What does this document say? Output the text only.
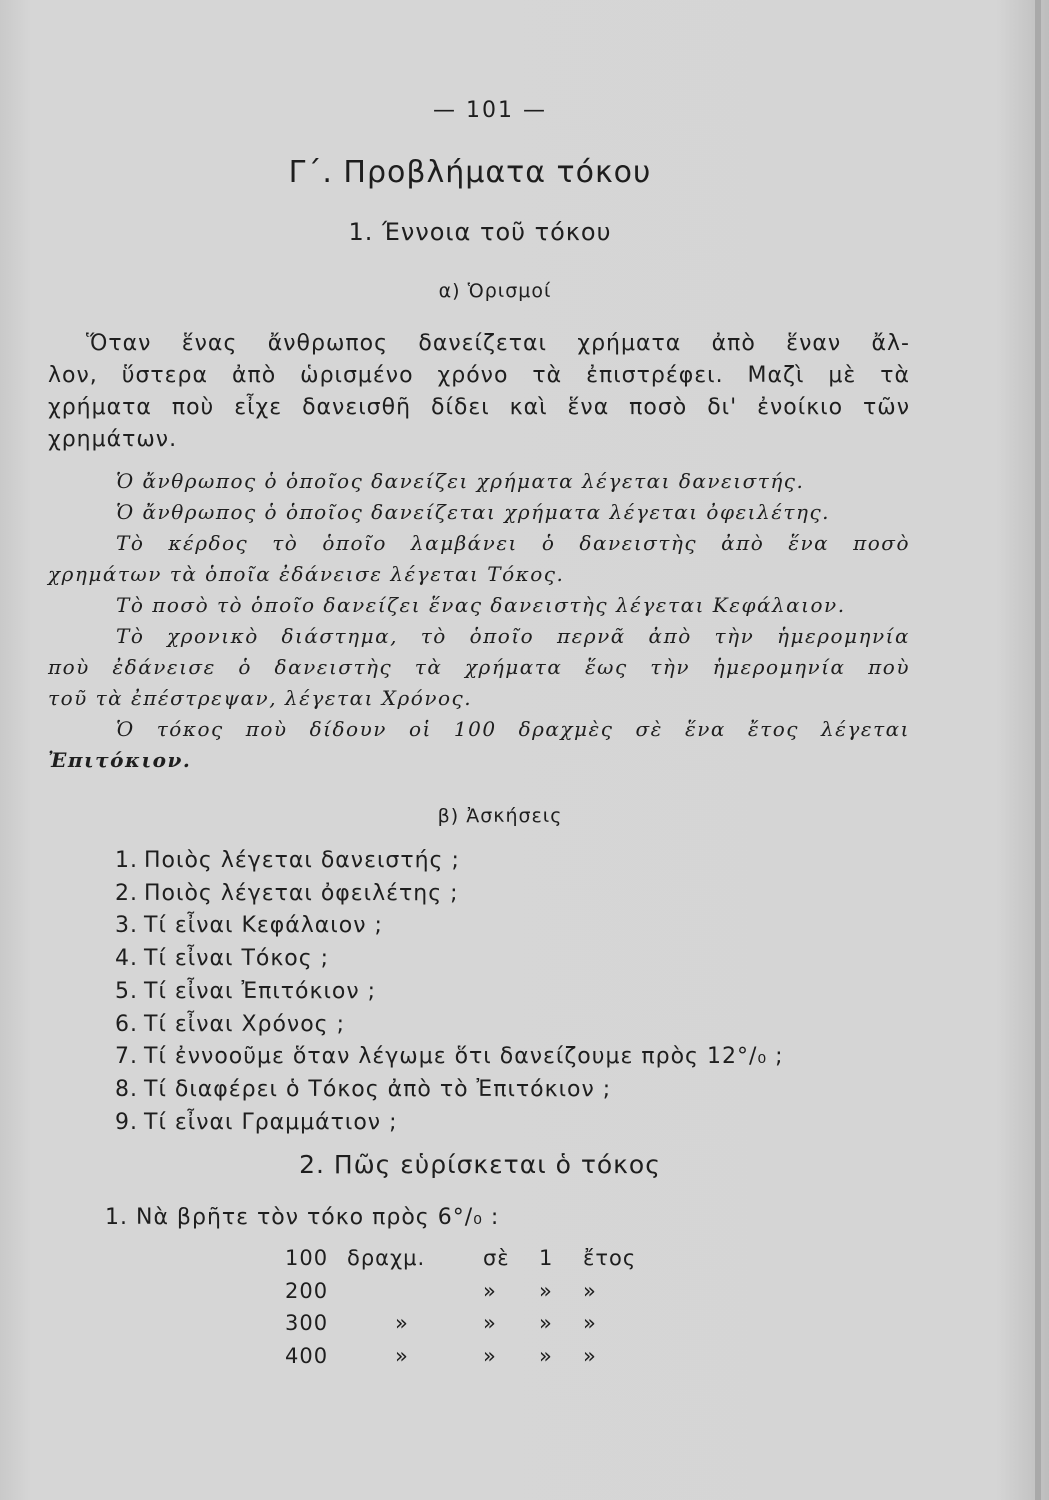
— 101 —
Γ΄. Προβλήματα τόκου
1. Έννοια τοῦ τόκου
α) Ὁρισμοί
Ὅταν ἕνας ἄνθρωπος δανείζεται χρήματα ἀπὸ ἕναν ἄλ-
λον, ὕστερα ἀπὸ ὡρισμένο χρόνο τὰ ἐπιστρέφει. Μαζὶ μὲ τὰ
χρήματα ποὺ εἶχε δανεισθῆ δίδει καὶ ἕνα ποσὸ δι' ἐνοίκιο τῶν
χρημάτων.
Ὁ ἄνθρωπος ὁ ὁποῖος δανείζει χρήματα λέγεται δανειστής.
Ὁ ἄνθρωπος ὁ ὁποῖος δανείζεται χρήματα λέγεται ὀφειλέτης.
Τὸ κέρδος τὸ ὁποῖο λαμβάνει ὁ δανειστὴς ἀπὸ ἕνα ποσὸ
χρημάτων τὰ ὁποῖα ἐδάνεισε λέγεται Τόκος.
Τὸ ποσὸ τὸ ὁποῖο δανείζει ἕνας δανειστὴς λέγεται Κεφάλαιον.
Τὸ χρονικὸ διάστημα, τὸ ὁποῖο περνᾶ ἀπὸ τὴν ἡμερομηνία
ποὺ ἐδάνεισε ὁ δανειστὴς τὰ χρήματα ἕως τὴν ἡμερομηνία ποὺ
τοῦ τὰ ἐπέστρεψαν, λέγεται Χρόνος.
Ὁ τόκος ποὺ δίδουν οἱ 100 δραχμὲς σὲ ἕνα ἔτος λέγεται
Ἐπιτόκιον.
β) Ἀσκήσεις
1. Ποιὸς λέγεται δανειστής ;
2. Ποιὸς λέγεται ὀφειλέτης ;
3. Τί εἶναι Κεφάλαιον ;
4. Τί εἶναι Τόκος ;
5. Τί εἶναι Ἐπιτόκιον ;
6. Τί εἶναι Χρόνος ;
7. Τί ἐννοοῦμε ὅταν λέγωμε ὅτι δανείζουμε πρὸς 12°/₀ ;
8. Τί διαφέρει ὁ Τόκος ἀπὸ τὸ Ἐπιτόκιον ;
9. Τί εἶναι Γραμμάτιον ;
2. Πῶς εὑρίσκεται ὁ τόκος
1. Νὰ βρῆτε τὸν τόκο πρὸς 6°/₀ :
100	δραχμ.	σὲ	1	ἔτος
200		»	»	»
300	»	»	»	»
400	»	»	»	»
